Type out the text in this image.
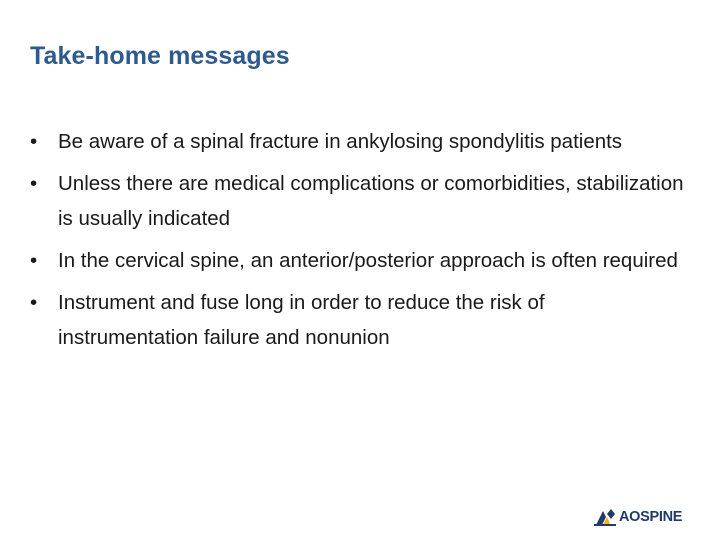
Take-home messages
•	Be aware of a spinal fracture in ankylosing spondylitis patients
•	Unless there are medical complications or comorbidities, stabilization is usually indicated
•	In the cervical spine, an anterior/posterior approach is often required
•	Instrument and fuse long in order to reduce the risk of instrumentation failure and nonunion
AOSPINE
